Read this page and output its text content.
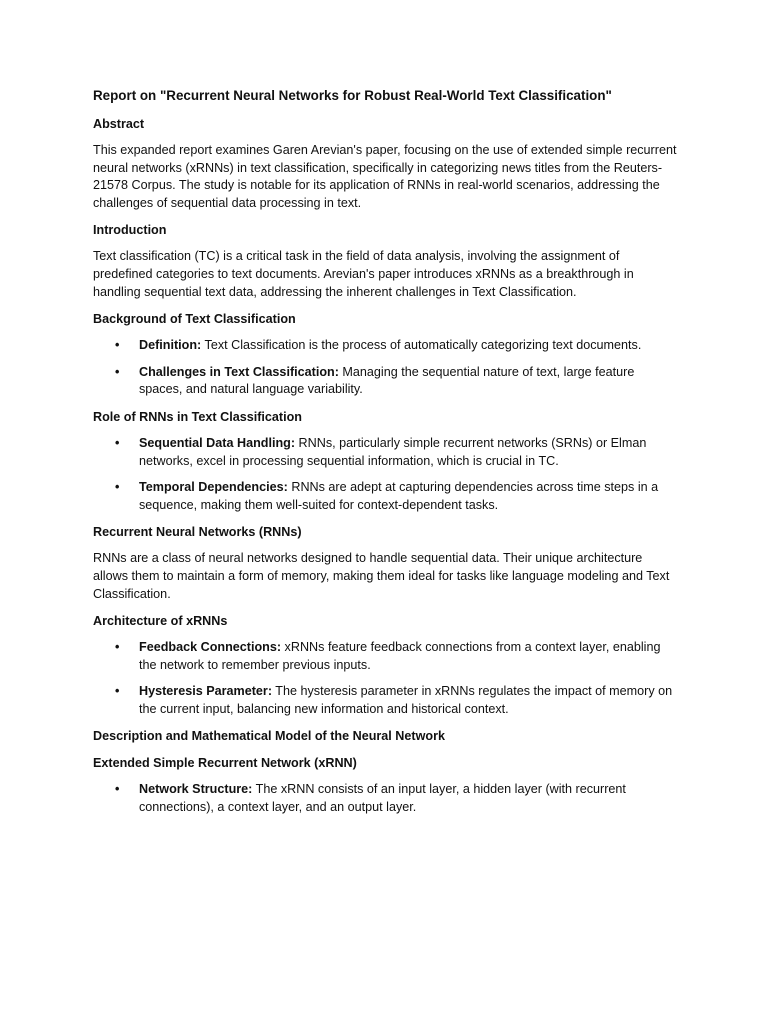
Report on "Recurrent Neural Networks for Robust Real-World Text Classification"
Abstract

This expanded report examines Garen Arevian's paper, focusing on the use of extended simple recurrent neural networks (xRNNs) in text classification, specifically in categorizing news titles from the Reuters-21578 Corpus. The study is notable for its application of RNNs in real-world scenarios, addressing the challenges of sequential data processing in text.

Introduction

Text classification (TC) is a critical task in the field of data analysis, involving the assignment of predefined categories to text documents. Arevian's paper introduces xRNNs as a breakthrough in handling sequential text data, addressing the inherent challenges in Text Classification.

Background of Text Classification
• Definition: Text Classification is the process of automatically categorizing text documents.
• Challenges in Text Classification: Managing the sequential nature of text, large feature spaces, and natural language variability.
Role of RNNs in Text Classification
• Sequential Data Handling: RNNs, particularly simple recurrent networks (SRNs) or Elman networks, excel in processing sequential information, which is crucial in TC.
• Temporal Dependencies: RNNs are adept at capturing dependencies across time steps in a sequence, making them well-suited for context-dependent tasks.
Recurrent Neural Networks (RNNs)

RNNs are a class of neural networks designed to handle sequential data. Their unique architecture allows them to maintain a form of memory, making them ideal for tasks like language modeling and Text Classification.

Architecture of xRNNs
• Feedback Connections: xRNNs feature feedback connections from a context layer, enabling the network to remember previous inputs.
• Hysteresis Parameter: The hysteresis parameter in xRNNs regulates the impact of memory on the current input, balancing new information and historical context.
Description and Mathematical Model of the Neural Network
Extended Simple Recurrent Network (xRNN)
• Network Structure: The xRNN consists of an input layer, a hidden layer (with recurrent connections), a context layer, and an output layer.
